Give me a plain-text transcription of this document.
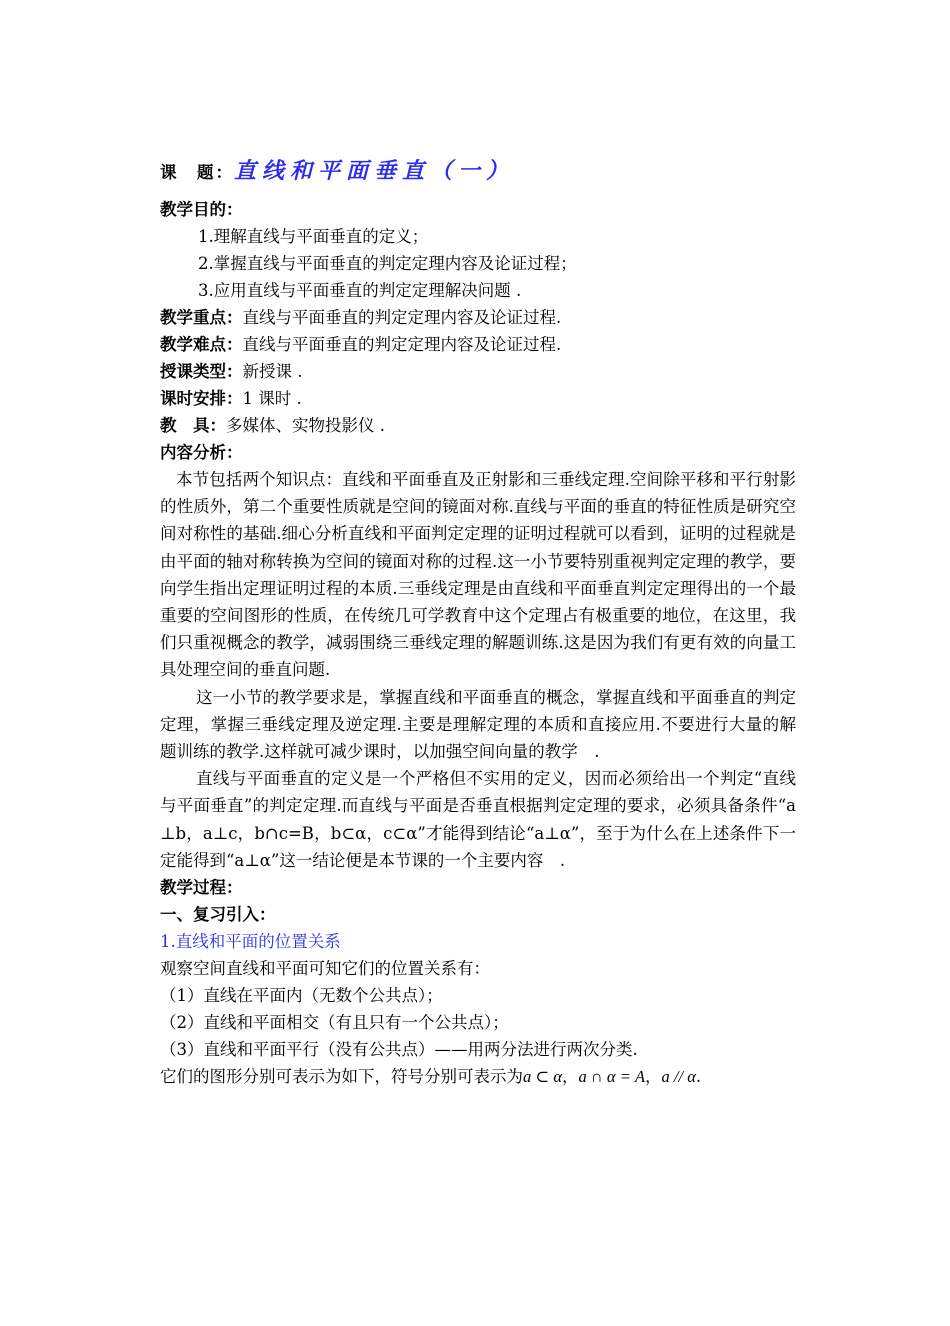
课　题：直线和平面垂直（一）
教学目的：
1.理解直线与平面垂直的定义；
2.掌握直线与平面垂直的判定定理内容及论证过程；
3.应用直线与平面垂直的判定定理解决问题 .
教学重点：直线与平面垂直的判定定理内容及论证过程.
教学难点：直线与平面垂直的判定定理内容及论证过程.
授课类型：新授课 .
课时安排：1 课时 .
教　具：多媒体、实物投影仪 .
内容分析：
本节包括两个知识点：直线和平面垂直及正射影和三垂线定理.空间除平移和平行射影的性质外，第二个重要性质就是空间的镜面对称.直线与平面的垂直的特征性质是研究空间对称性的基础.细心分析直线和平面判定定理的证明过程就可以看到，证明的过程就是由平面的轴对称转换为空间的镜面对称的过程.这一小节要特别重视判定定理的教学，要向学生指出定理证明过程的本质.三垂线定理是由直线和平面垂直判定定理得出的一个最重要的空间图形的性质，在传统几可学教育中这个定理占有极重要的地位，在这里，我们只重视概念的教学，减弱围绕三垂线定理的解题训练.这是因为我们有更有效的向量工具处理空间的垂直问题.
这一小节的教学要求是，掌握直线和平面垂直的概念，掌握直线和平面垂直的判定定理，掌握三垂线定理及逆定理.主要是理解定理的本质和直接应用.不要进行大量的解题训练的教学.这样就可减少课时，以加强空间向量的教学　.
直线与平面垂直的定义是一个严格但不实用的定义，因而必须给出一个判定“直线与平面垂直”的判定定理.而直线与平面是否垂直根据判定定理的要求，必须具备条件“a⊥b，a⊥c，b∩c=B，b⊂α，c⊂α”才能得到结论“a⊥α”，至于为什么在上述条件下一定能得到“a⊥α”这一结论便是本节课的一个主要内容　.
教学过程：
一、复习引入：
1.直线和平面的位置关系
观察空间直线和平面可知它们的位置关系有：
（1）直线在平面内（无数个公共点）；
（2）直线和平面相交（有且只有一个公共点）；
（3）直线和平面平行（没有公共点）——用两分法进行两次分类.
它们的图形分别可表示为如下，符号分别可表示为a ⊂ α，a ∩ α = A，a // α.
